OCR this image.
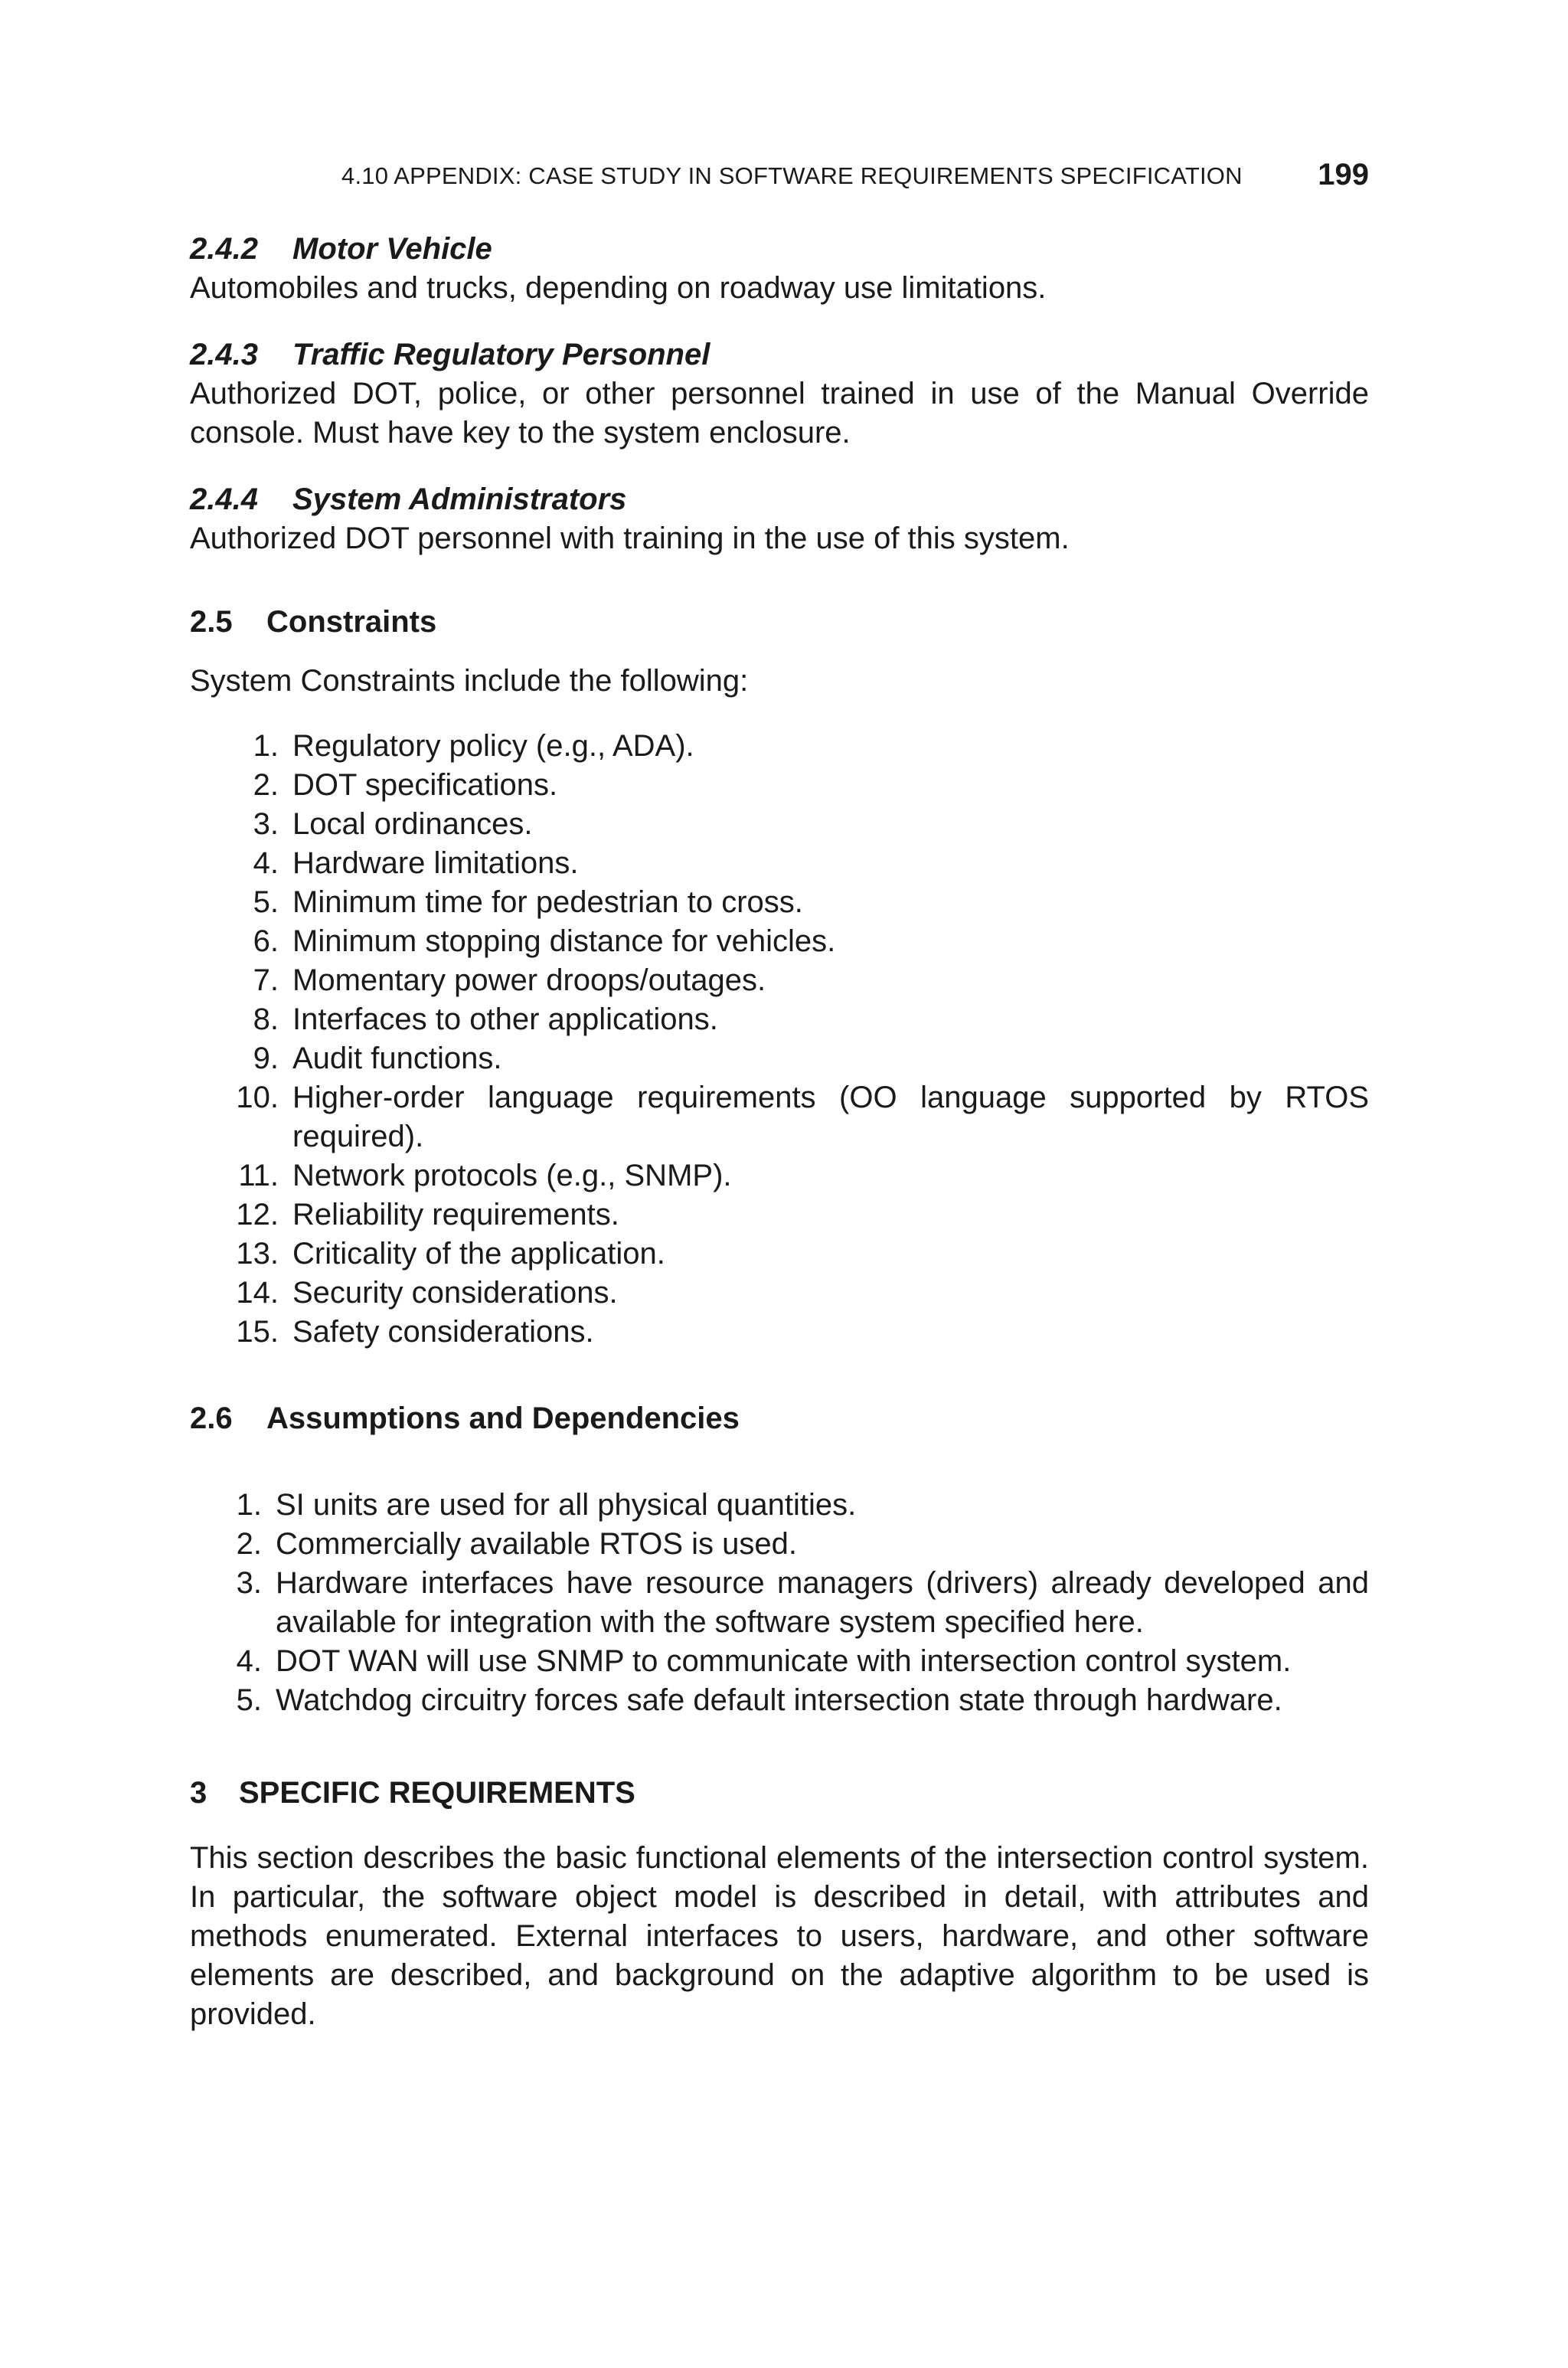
4.10 APPENDIX: CASE STUDY IN SOFTWARE REQUIREMENTS SPECIFICATION 199
2.4.2 Motor Vehicle

Automobiles and trucks, depending on roadway use limitations.

2.4.3 Traffic Regulatory Personnel

Authorized DOT, police, or other personnel trained in use of the Manual Override console. Must have key to the system enclosure.

2.4.4 System Administrators

Authorized DOT personnel with training in the use of this system.

2.5 Constraints

System Constraints include the following:

1. Regulatory policy (e.g., ADA).
2. DOT specifications.
3. Local ordinances.
4. Hardware limitations.
5. Minimum time for pedestrian to cross.
6. Minimum stopping distance for vehicles.
7. Momentary power droops/outages.
8. Interfaces to other applications.
9. Audit functions.
10. Higher-order language requirements (OO language supported by RTOS required).
11. Network protocols (e.g., SNMP).
12. Reliability requirements.
13. Criticality of the application.
14. Security considerations.
15. Safety considerations.
2.6 Assumptions and Dependencies
1. SI units are used for all physical quantities.
2. Commercially available RTOS is used.
3. Hardware interfaces have resource managers (drivers) already developed and available for integration with the software system specified here.
4. DOT WAN will use SNMP to communicate with intersection control system.
5. Watchdog circuitry forces safe default intersection state through hardware.
3 SPECIFIC REQUIREMENTS

This section describes the basic functional elements of the intersection control system. In particular, the software object model is described in detail, with attributes and methods enumerated. External interfaces to users, hardware, and other software elements are described, and background on the adaptive algorithm to be used is provided.
